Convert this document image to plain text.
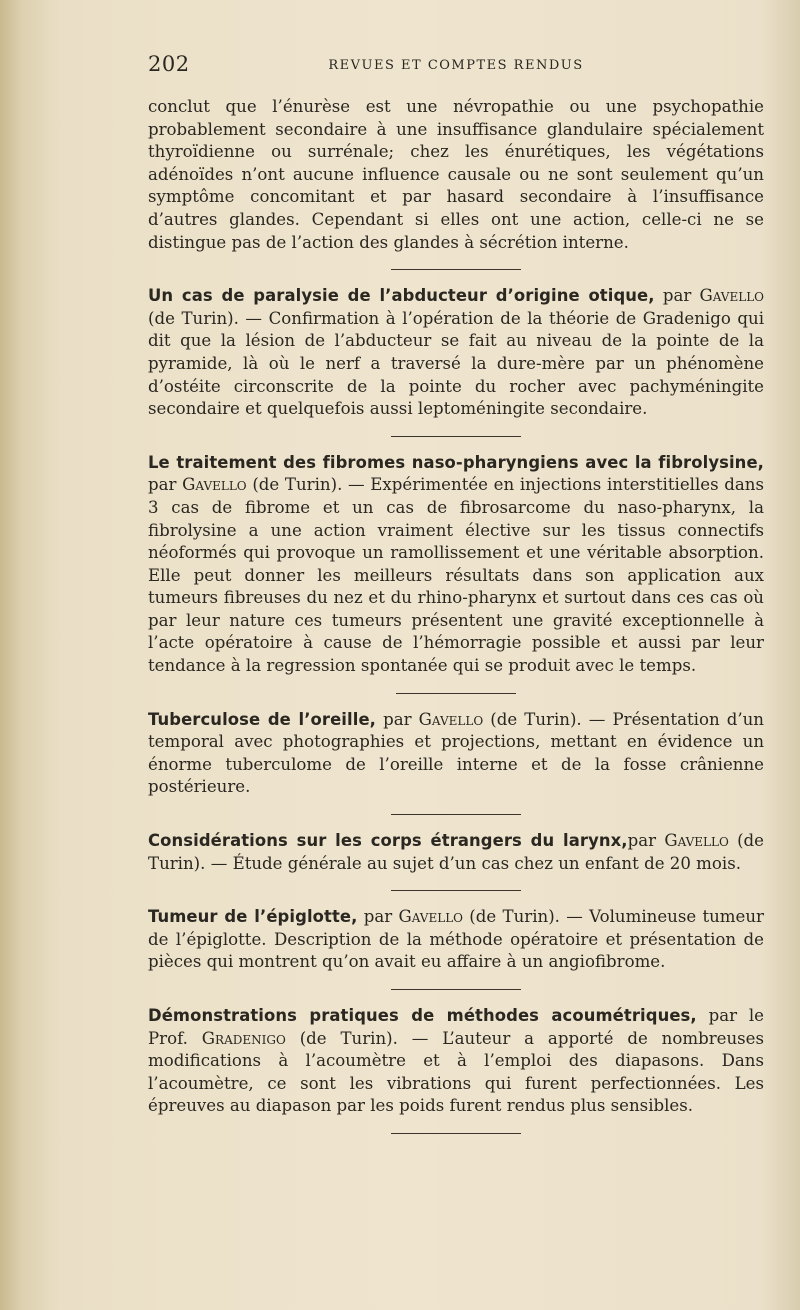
202	REVUES ET COMPTES RENDUS

conclut que l’énurèse est une névropathie ou une psychopathie probablement secondaire à une insuffisance glandulaire spécialement thyroïdienne ou surrénale; chez les énurétiques, les végétations adénoïdes n’ont aucune influence causale ou ne sont seulement qu’un symptôme concomitant et par hasard secondaire à l’insuffisance d’autres glandes. Cependant si elles ont une action, celle-ci ne se distingue pas de l’action des glandes à sécrétion interne.

Un cas de paralysie de l’abducteur d’origine otique, par Gavello (de Turin). — Confirmation à l’opération de la théorie de Gradenigo qui dit que la lésion de l’abducteur se fait au niveau de la pointe de la pyramide, là où le nerf a traversé la dure-mère par un phénomène d’ostéite circonscrite de la pointe du rocher avec pachyméningite secondaire et quelquefois aussi leptoméningite secondaire.

Le traitement des fibromes naso-pharyngiens avec la fibrolysine, par Gavello (de Turin). — Expérimentée en injections interstitielles dans 3 cas de fibrome et un cas de fibrosarcome du naso-pharynx, la fibrolysine a une action vraiment élective sur les tissus connectifs néoformés qui provoque un ramollissement et une véritable absorption. Elle peut donner les meilleurs résultats dans son application aux tumeurs fibreuses du nez et du rhino-pharynx et surtout dans ces cas où par leur nature ces tumeurs présentent une gravité exceptionnelle à l’acte opératoire à cause de l’hémorragie possible et aussi par leur tendance à la regression spontanée qui se produit avec le temps.

Tuberculose de l’oreille, par Gavello (de Turin). — Présentation d’un temporal avec photographies et projections, mettant en évidence un énorme tuberculome de l’oreille interne et de la fosse crânienne postérieure.

Considérations sur les corps étrangers du larynx,par Gavello (de Turin). — Étude générale au sujet d’un cas chez un enfant de 20 mois.

Tumeur de l’épiglotte, par Gavello (de Turin). — Volumineuse tumeur de l’épiglotte. Description de la méthode opératoire et présentation de pièces qui montrent qu’on avait eu affaire à un angiofibrome.

Démonstrations pratiques de méthodes acoumétriques, par le Prof. Gradenigo (de Turin). — L’auteur a apporté de nombreuses modifications à l’acoumètre et à l’emploi des diapasons. Dans l’acoumètre, ce sont les vibrations qui furent perfectionnées. Les épreuves au diapason par les poids furent rendus plus sensibles.
